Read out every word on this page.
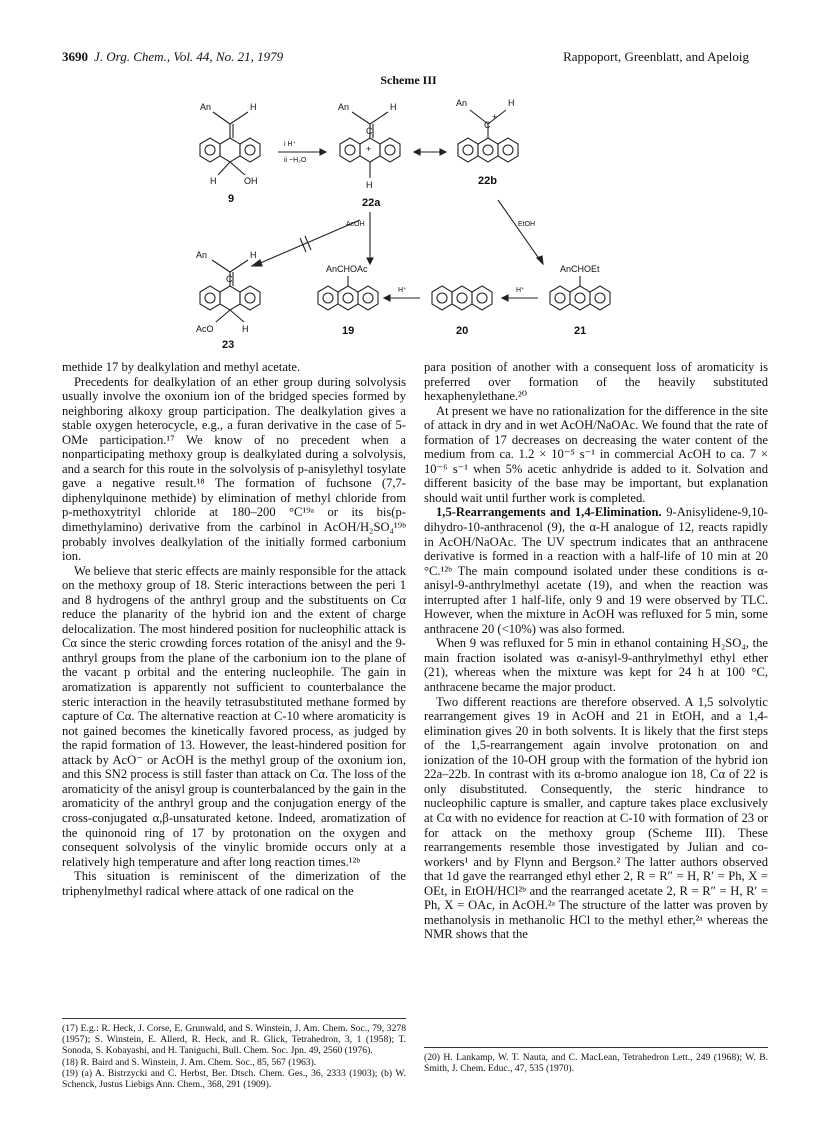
3690 J. Org. Chem., Vol. 44, No. 21, 1979	Rappoport, Greenblatt, and Apeloig
Scheme III
An	H
H	OH
9
i H⁺
ii −H₂O
An	H
C
+
H
22a
An	H
C
+
22b
AcOH	EtOH
An	H
C
AcO	H
23
AnCHOAc
19
H⁺
20
H⁺
AnCHOEt
21

methide 17 by dealkylation and methyl acetate.

Precedents for dealkylation of an ether group during solvolysis usually involve the oxonium ion of the bridged species formed by neighboring alkoxy group participation. The dealkylation gives a stable oxygen heterocycle, e.g., a furan derivative in the case of 5-OMe participation.¹⁷ We know of no precedent when a nonparticipating methoxy group is dealkylated during a solvolysis, and a search for this route in the solvolysis of p-anisylethyl tosylate gave a negative result.¹⁸ The formation of fuchsone (7,7-diphenylquinone methide) by elimination of methyl chloride from p-methoxytrityl chloride at 180–200 °C¹⁹ᵃ or its bis(p-dimethylamino) derivative from the carbinol in AcOH/H₂SO₄¹⁹ᵇ probably involves dealkylation of the initially formed carbonium ion.

We believe that steric effects are mainly responsible for the attack on the methoxy group of 18. Steric interactions between the peri 1 and 8 hydrogens of the anthryl group and the substituents on Cα reduce the planarity of the hybrid ion and the extent of charge delocalization. The most hindered position for nucleophilic attack is Cα since the steric crowding forces rotation of the anisyl and the 9-anthryl groups from the plane of the carbonium ion to the plane of the vacant p orbital and the entering nucleophile. The gain in aromatization is apparently not sufficient to counterbalance the steric interaction in the heavily tetrasubstituted methane formed by capture of Cα. The alternative reaction at C-10 where aromaticity is not gained becomes the kinetically favored process, as judged by the rapid formation of 13. However, the least-hindered position for attack by AcO⁻ or AcOH is the methyl group of the oxonium ion, and this SN2 process is still faster than attack on Cα. The loss of the aromaticity of the anisyl group is counterbalanced by the gain in the aromaticity of the anthryl group and the conjugation energy of the cross-conjugated α,β-unsaturated ketone. Indeed, aromatization of the quinonoid ring of 17 by protonation on the oxygen and consequent solvolysis of the vinylic bromide occurs only at a relatively high temperature and after long reaction times.¹²ᵇ

This situation is reminiscent of the dimerization of the triphenylmethyl radical where attack of one radical on the

para position of another with a consequent loss of aromaticity is preferred over formation of the heavily substituted hexaphenylethane.²⁰

At present we have no rationalization for the difference in the site of attack in dry and in wet AcOH/NaOAc. We found that the rate of formation of 17 decreases on decreasing the water content of the medium from ca. 1.2 × 10⁻⁵ s⁻¹ in commercial AcOH to ca. 7 × 10⁻⁶ s⁻¹ when 5% acetic anhydride is added to it. Solvation and different basicity of the base may be important, but explanation should wait until further work is completed.

1,5-Rearrangements and 1,4-Elimination. 9-Anisylidene-9,10-dihydro-10-anthracenol (9), the α-H analogue of 12, reacts rapidly in AcOH/NaOAc. The UV spectrum indicates that an anthracene derivative is formed in a reaction with a half-life of 10 min at 20 °C.¹²ᵇ The main compound isolated under these conditions is α-anisyl-9-anthrylmethyl acetate (19), and when the reaction was interrupted after 1 half-life, only 9 and 19 were observed by TLC. However, when the mixture in AcOH was refluxed for 5 min, some anthracene 20 (<10%) was also formed.

When 9 was refluxed for 5 min in ethanol containing H₂SO₄, the main fraction isolated was α-anisyl-9-anthrylmethyl ethyl ether (21), whereas when the mixture was kept for 24 h at 100 °C, anthracene became the major product.

Two different reactions are therefore observed. A 1,5 solvolytic rearrangement gives 19 in AcOH and 21 in EtOH, and a 1,4-elimination gives 20 in both solvents. It is likely that the first steps of the 1,5-rearrangement again involve protonation on and ionization of the 10-OH group with the formation of the hybrid ion 22a–22b. In contrast with its α-bromo analogue ion 18, Cα of 22 is only disubstituted. Consequently, the steric hindrance to nucleophilic capture is smaller, and capture takes place exclusively at Cα with no evidence for reaction at C-10 with formation of 23 or for attack on the methoxy group (Scheme III). These rearrangements resemble those investigated by Julian and co-workers¹ and by Flynn and Bergson.² The latter authors observed that 1d gave the rearranged ethyl ether 2, R = R″ = H, R′ = Ph, X = OEt, in EtOH/HCl²ᵇ and the rearranged acetate 2, R = R″ = H, R′ = Ph, X = OAc, in AcOH.²ᵃ The structure of the latter was proven by methanolysis in methanolic HCl to the methyl ether,²ᵃ whereas the NMR shows that the

(17) E.g.: R. Heck, J. Corse, E. Grunwald, and S. Winstein, J. Am. Chem. Soc., 79, 3278 (1957); S. Winstein, E. Allerd, R. Heck, and R. Glick, Tetrahedron, 3, 1 (1958); T. Sonoda, S. Kobayashi, and H. Taniguchi, Bull. Chem. Soc. Jpn. 49, 2560 (1976).

(18) R. Baird and S. Winstein, J. Am. Chem. Soc., 85, 567 (1963).

(19) (a) A. Bistrzycki and C. Herbst, Ber. Dtsch. Chem. Ges., 36, 2333 (1903); (b) W. Schenck, Justus Liebigs Ann. Chem., 368, 291 (1909).

(20) H. Lankamp, W. T. Nauta, and C. MacLean, Tetrahedron Lett., 249 (1968); W. B. Smith, J. Chem. Educ., 47, 535 (1970).
